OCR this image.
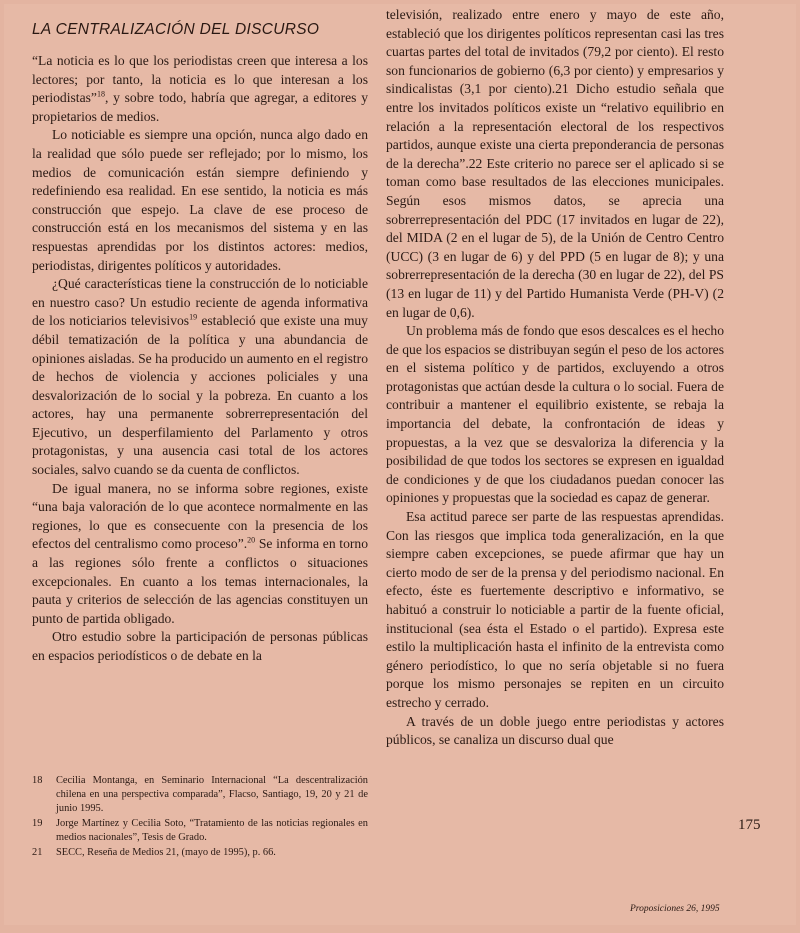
LA CENTRALIZACIÓN DEL DISCURSO

“La noticia es lo que los periodistas creen que interesa a los lectores; por tanto, la noticia es lo que interesan a los periodistas”$^{18}$, y sobre todo, habría que agregar, a editores y propietarios de medios.

Lo noticiable es siempre una opción, nunca algo dado en la realidad que sólo puede ser reflejado; por lo mismo, los medios de comunicación están siempre definiendo y redefiniendo esa realidad. En ese sentido, la noticia es más construcción que espejo. La clave de ese proceso de construcción está en los mecanismos del sistema y en las respuestas aprendidas por los distintos actores: medios, periodistas, dirigentes políticos y autoridades.

¿Qué características tiene la construcción de lo noticiable en nuestro caso? Un estudio reciente de agenda informativa de los noticiarios televisivos$^{19}$ estableció que existe una muy débil tematización de la política y una abundancia de opiniones aisladas. Se ha producido un aumento en el registro de hechos de violencia y acciones policiales y una desvalorización de lo social y la pobreza. En cuanto a los actores, hay una permanente sobrerrepresentación del Ejecutivo, un desperfilamiento del Parlamento y otros protagonistas, y una ausencia casi total de los actores sociales, salvo cuando se da cuenta de conflictos.

De igual manera, no se informa sobre regiones, existe “una baja valoración de lo que acontece normalmente en las regiones, lo que es consecuente con la presencia de los efectos del centralismo como proceso”.$^{20}$ Se informa en torno a las regiones sólo frente a conflictos o situaciones excepcionales. En cuanto a los temas internacionales, la pauta y criterios de selección de las agencias constituyen un punto de partida obligado.

Otro estudio sobre la participación de personas públicas en espacios periodísticos o de debate en la

televisión, realizado entre enero y mayo de este año, estableció que los dirigentes políticos representan casi las tres cuartas partes del total de invitados (79,2 por ciento). El resto son funcionarios de gobierno (6,3 por ciento) y empresarios y sindicalistas (3,1 por ciento).21 Dicho estudio señala que entre los invitados políticos existe un “relativo equilibrio en relación a la representación electoral de los respectivos partidos, aunque existe una cierta preponderancia de personas de la derecha”.22 Este criterio no parece ser el aplicado si se toman como base resultados de las elecciones municipales. Según esos mismos datos, se aprecia una sobrerrepresentación del PDC (17 invitados en lugar de 22), del MIDA (2 en el lugar de 5), de la Unión de Centro Centro (UCC) (3 en lugar de 6) y del PPD (5 en lugar de 8); y una sobrerrepresentación de la derecha (30 en lugar de 22), del PS (13 en lugar de 11) y del Partido Humanista Verde (PH-V) (2 en lugar de 0,6).

Un problema más de fondo que esos descalces es el hecho de que los espacios se distribuyan según el peso de los actores en el sistema político y de partidos, excluyendo a otros protagonistas que actúan desde la cultura o lo social. Fuera de contribuir a mantener el equilibrio existente, se rebaja la importancia del debate, la confrontación de ideas y propuestas, a la vez que se desvaloriza la diferencia y la posibilidad de que todos los sectores se expresen en igualdad de condiciones y de que los ciudadanos puedan conocer las opiniones y propuestas que la sociedad es capaz de generar.

Esa actitud parece ser parte de las respuestas aprendidas. Con las riesgos que implica toda generalización, en la que siempre caben excepciones, se puede afirmar que hay un cierto modo de ser de la prensa y del periodismo nacional. En efecto, éste es fuertemente descriptivo e informativo, se habituó a construir lo noticiable a partir de la fuente oficial, institucional (sea ésta el Estado o el partido). Expresa este estilo la multiplicación hasta el infinito de la entrevista como género periodístico, lo que no sería objetable si no fuera porque los mismo personajes se repiten en un circuito estrecho y cerrado.

A través de un doble juego entre periodistas y actores públicos, se canaliza un discurso dual que

18	Cecilia Montanga, en Seminario Internacional “La descentralización chilena en una perspectiva comparada”, Flacso, Santiago, 19, 20 y 21 de junio 1995.
19	Jorge Martínez y Cecilia Soto, “Tratamiento de las noticias regionales en medios nacionales”, Tesis de Grado.
21	SECC, Reseña de Medios 21, (mayo de 1995), p. 66.
175
Proposiciones 26, 1995
